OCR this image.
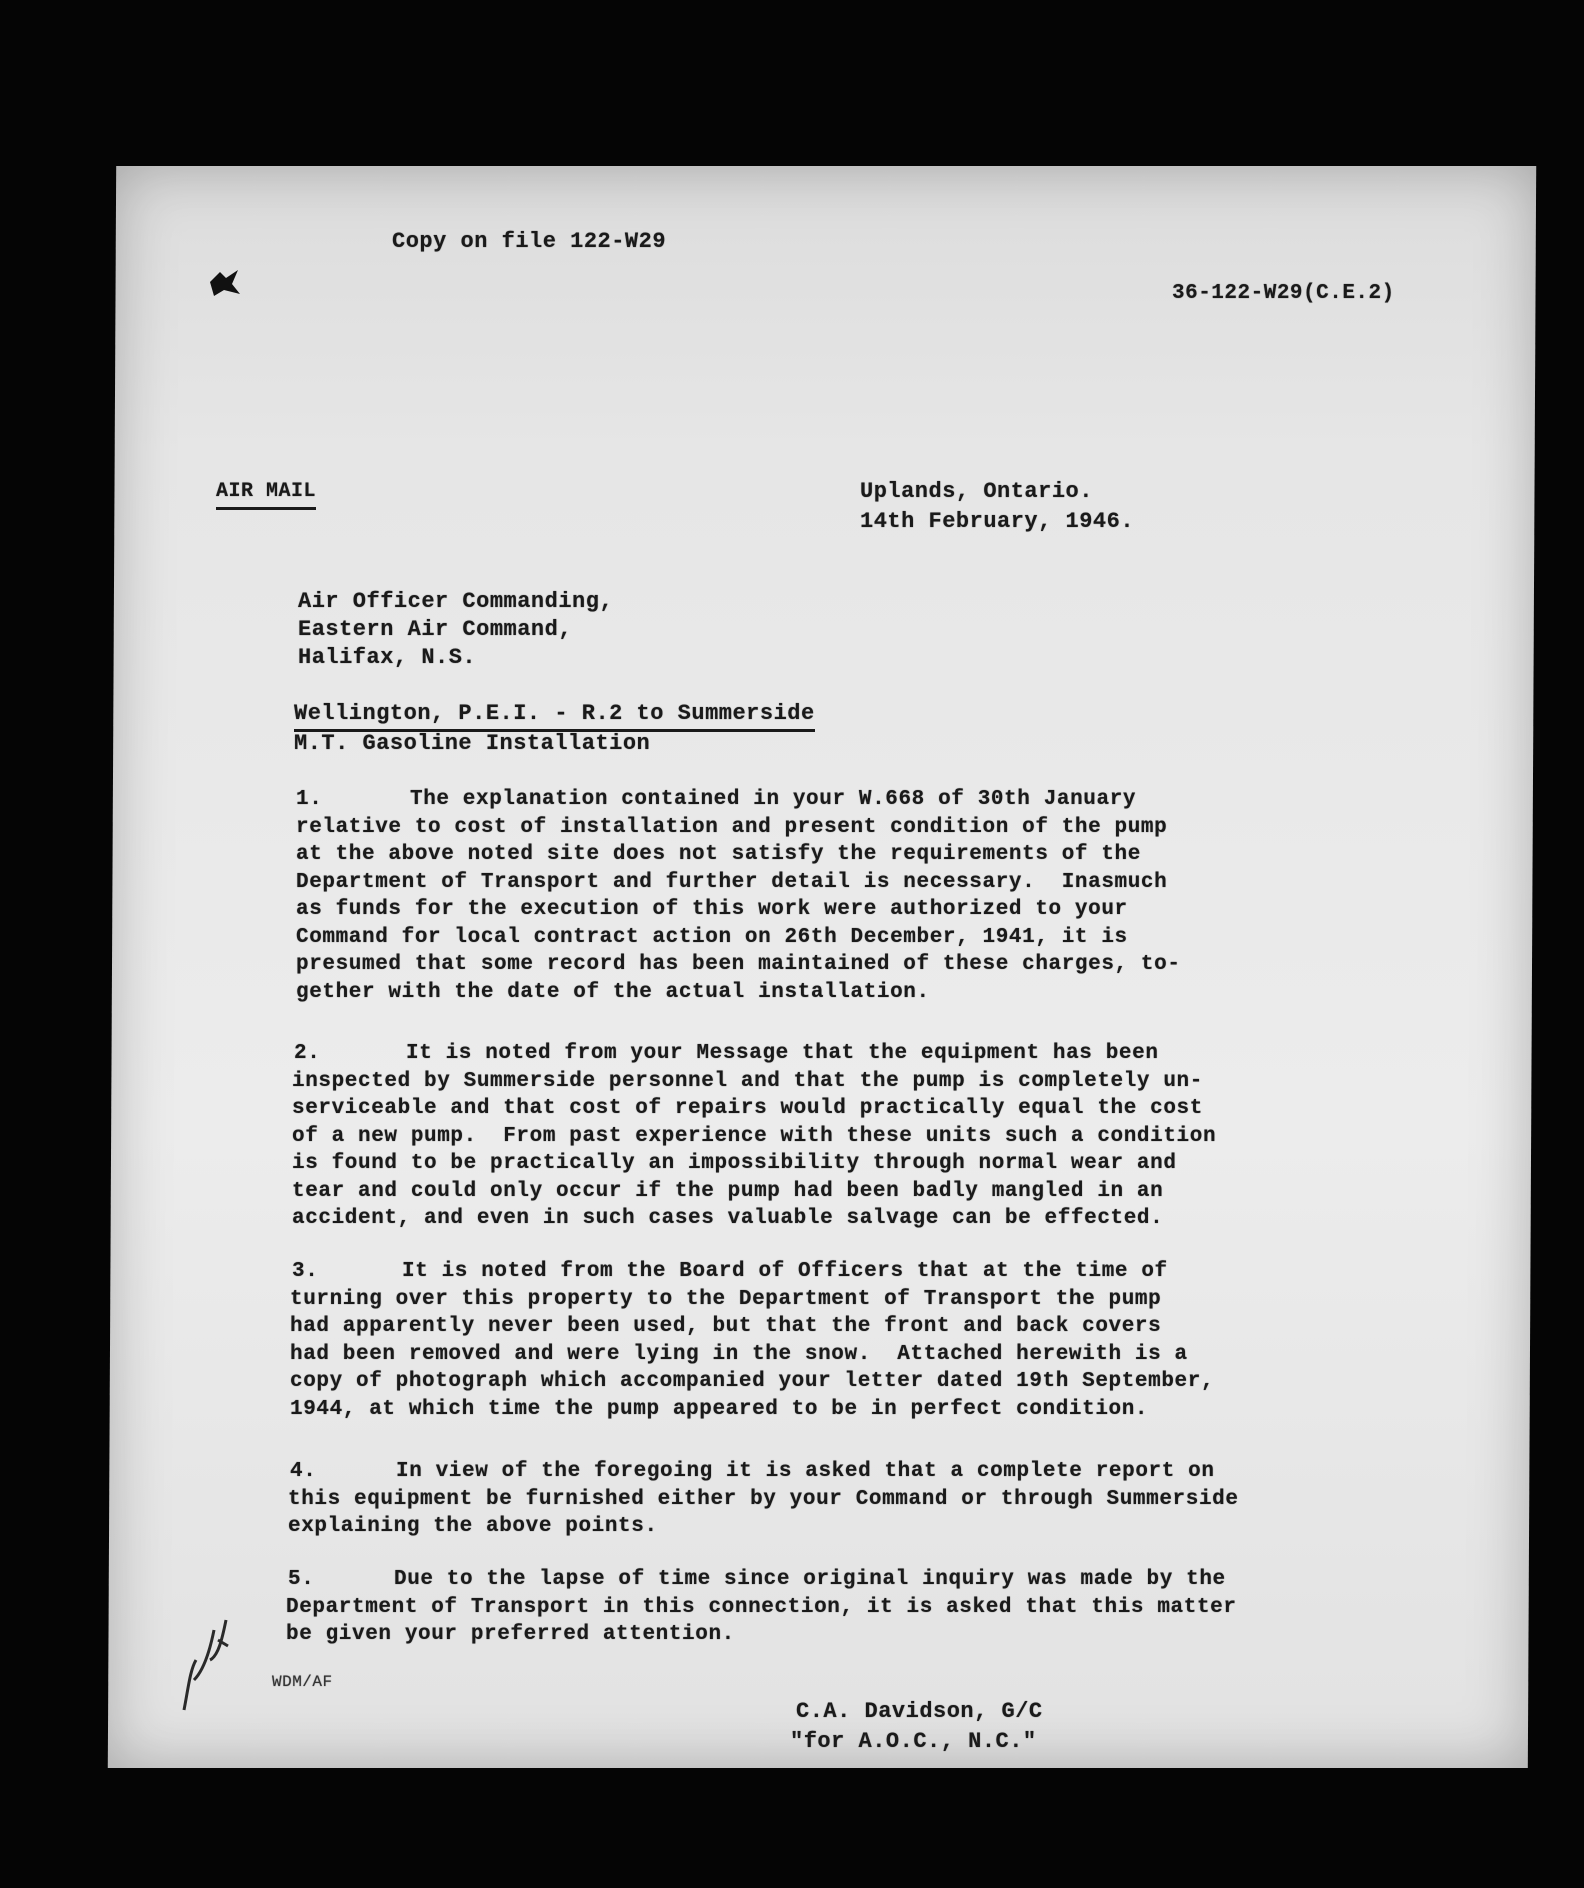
Copy on file 122-W29

36-122-W29(C.E.2)

AIR MAIL	Uplands, Ontario.

14th February, 1946.

Air Officer Commanding,

Eastern Air Command,

Halifax, N.S.

Wellington, P.E.I. - R.2 to Summerside

M.T. Gasoline Installation

1.	The explanation contained in your W.668 of 30th January
relative to cost of installation and present condition of the pump
at the above noted site does not satisfy the requirements of the
Department of Transport and further detail is necessary.  Inasmuch
as funds for the execution of this work were authorized to your
Command for local contract action on 26th December, 1941, it is
presumed that some record has been maintained of these charges, to-
gether with the date of the actual installation.

2.	It is noted from your Message that the equipment has been
inspected by Summerside personnel and that the pump is completely un-
serviceable and that cost of repairs would practically equal the cost
of a new pump.  From past experience with these units such a condition
is found to be practically an impossibility through normal wear and
tear and could only occur if the pump had been badly mangled in an
accident, and even in such cases valuable salvage can be effected.

3.	It is noted from the Board of Officers that at the time of
turning over this property to the Department of Transport the pump
had apparently never been used, but that the front and back covers
had been removed and were lying in the snow.  Attached herewith is a
copy of photograph which accompanied your letter dated 19th September,
1944, at which time the pump appeared to be in perfect condition.

4.	In view of the foregoing it is asked that a complete report on
this equipment be furnished either by your Command or through Summerside
explaining the above points.

5.	Due to the lapse of time since original inquiry was made by the
Department of Transport in this connection, it is asked that this matter
be given your preferred attention.

WDM/AF

C.A. Davidson, G/C

"for A.O.C., N.C."
